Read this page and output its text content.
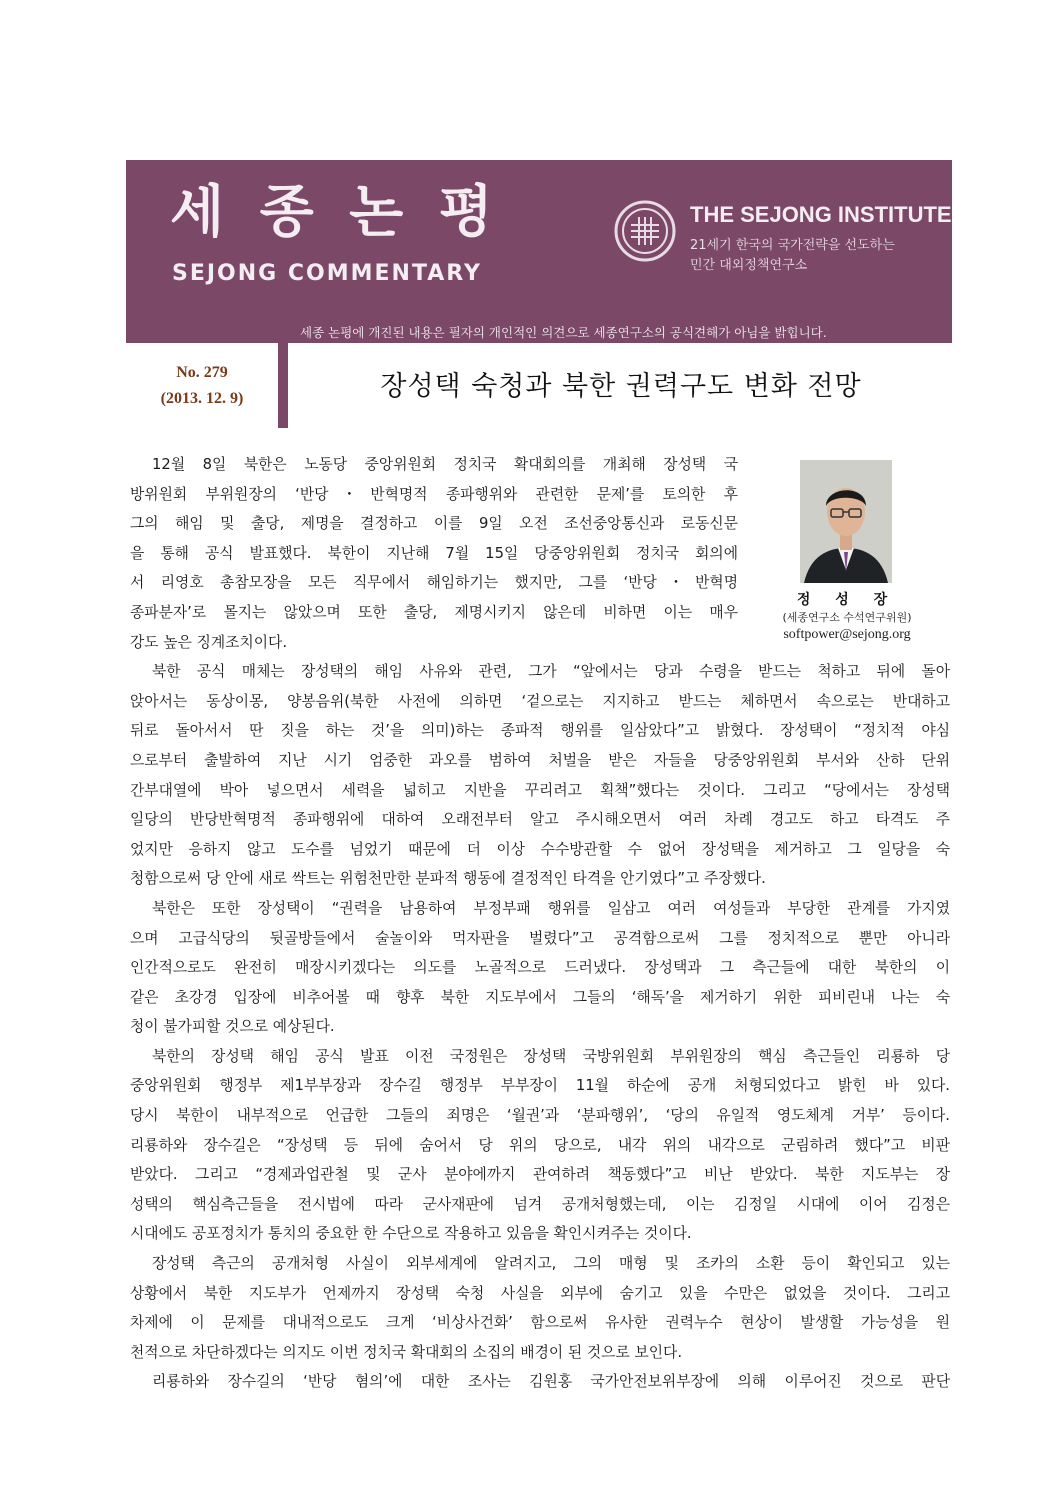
세 종 논 평
SEJONG COMMENTARY
THE SEJONG INSTITUTE
21세기 한국의 국가전략을 선도하는
민간 대외정책연구소
세종 논평에 개진된 내용은 필자의 개인적인 의견으로 세종연구소의 공식견해가 아님을 밝힙니다.
No. 279
(2013. 12. 9)	장성택 숙청과 북한 권력구도 변화 전망
정 성 장
(세종연구소 수석연구위원)
softpower@sejong.org
12월 8일 북한은 노동당 중앙위원회 정치국 확대회의를 개최해 장성택 국
방위원회 부위원장의 ‘반당・반혁명적 종파행위와 관련한 문제’를 토의한 후
그의 해임 및 출당, 제명을 결정하고 이를 9일 오전 조선중앙통신과 로동신문
을 통해 공식 발표했다. 북한이 지난해 7월 15일 당중앙위원회 정치국 회의에
서 리영호 총참모장을 모든 직무에서 해임하기는 했지만, 그를 ‘반당・반혁명
종파분자’로 몰지는 않았으며 또한 출당, 제명시키지 않은데 비하면 이는 매우
강도 높은 징계조치이다.
북한 공식 매체는 장성택의 해임 사유와 관련, 그가 “앞에서는 당과 수령을 받드는 척하고 뒤에 돌아
앉아서는 동상이몽, 양봉음위(북한 사전에 의하면 ‘겉으로는 지지하고 받드는 체하면서 속으로는 반대하고
뒤로 돌아서서 딴 짓을 하는 것’을 의미)하는 종파적 행위를 일삼았다”고 밝혔다. 장성택이 “정치적 야심
으로부터 출발하여 지난 시기 엄중한 과오를 범하여 처벌을 받은 자들을 당중앙위원회 부서와 산하 단위
간부대열에 박아 넣으면서 세력을 넓히고 지반을 꾸리려고 획책”했다는 것이다. 그리고 “당에서는 장성택
일당의 반당반혁명적 종파행위에 대하여 오래전부터 알고 주시해오면서 여러 차례 경고도 하고 타격도 주
었지만 응하지 않고 도수를 넘었기 때문에 더 이상 수수방관할 수 없어 장성택을 제거하고 그 일당을 숙
청함으로써 당 안에 새로 싹트는 위험천만한 분파적 행동에 결정적인 타격을 안기였다”고 주장했다.
북한은 또한 장성택이 “권력을 남용하여 부정부패 행위를 일삼고 여러 여성들과 부당한 관계를 가지였
으며 고급식당의 뒷골방들에서 술놀이와 먹자판을 벌렸다”고 공격함으로써 그를 정치적으로 뿐만 아니라
인간적으로도 완전히 매장시키겠다는 의도를 노골적으로 드러냈다. 장성택과 그 측근들에 대한 북한의 이
같은 초강경 입장에 비추어볼 때 향후 북한 지도부에서 그들의 ‘해독’을 제거하기 위한 피비린내 나는 숙
청이 불가피할 것으로 예상된다.
북한의 장성택 해임 공식 발표 이전 국정원은 장성택 국방위원회 부위원장의 핵심 측근들인 리룡하 당
중앙위원회 행정부 제1부부장과 장수길 행정부 부부장이 11월 하순에 공개 처형되었다고 밝힌 바 있다.
당시 북한이 내부적으로 언급한 그들의 죄명은 ‘월권’과 ‘분파행위’, ‘당의 유일적 영도체계 거부’ 등이다.
리룡하와 장수길은 “장성택 등 뒤에 숨어서 당 위의 당으로, 내각 위의 내각으로 군림하려 했다”고 비판
받았다. 그리고 “경제과업관철 및 군사 분야에까지 관여하려 책동했다”고 비난 받았다. 북한 지도부는 장
성택의 핵심측근들을 전시법에 따라 군사재판에 넘겨 공개처형했는데, 이는 김정일 시대에 이어 김정은
시대에도 공포정치가 통치의 중요한 한 수단으로 작용하고 있음을 확인시켜주는 것이다.
장성택 측근의 공개처형 사실이 외부세계에 알려지고, 그의 매형 및 조카의 소환 등이 확인되고 있는
상황에서 북한 지도부가 언제까지 장성택 숙청 사실을 외부에 숨기고 있을 수만은 없었을 것이다. 그리고
차제에 이 문제를 대내적으로도 크게 ‘비상사건화’ 함으로써 유사한 권력누수 현상이 발생할 가능성을 원
천적으로 차단하겠다는 의지도 이번 정치국 확대회의 소집의 배경이 된 것으로 보인다.
리룡하와 장수길의 ‘반당 혐의’에 대한 조사는 김원홍 국가안전보위부장에 의해 이루어진 것으로 판단
